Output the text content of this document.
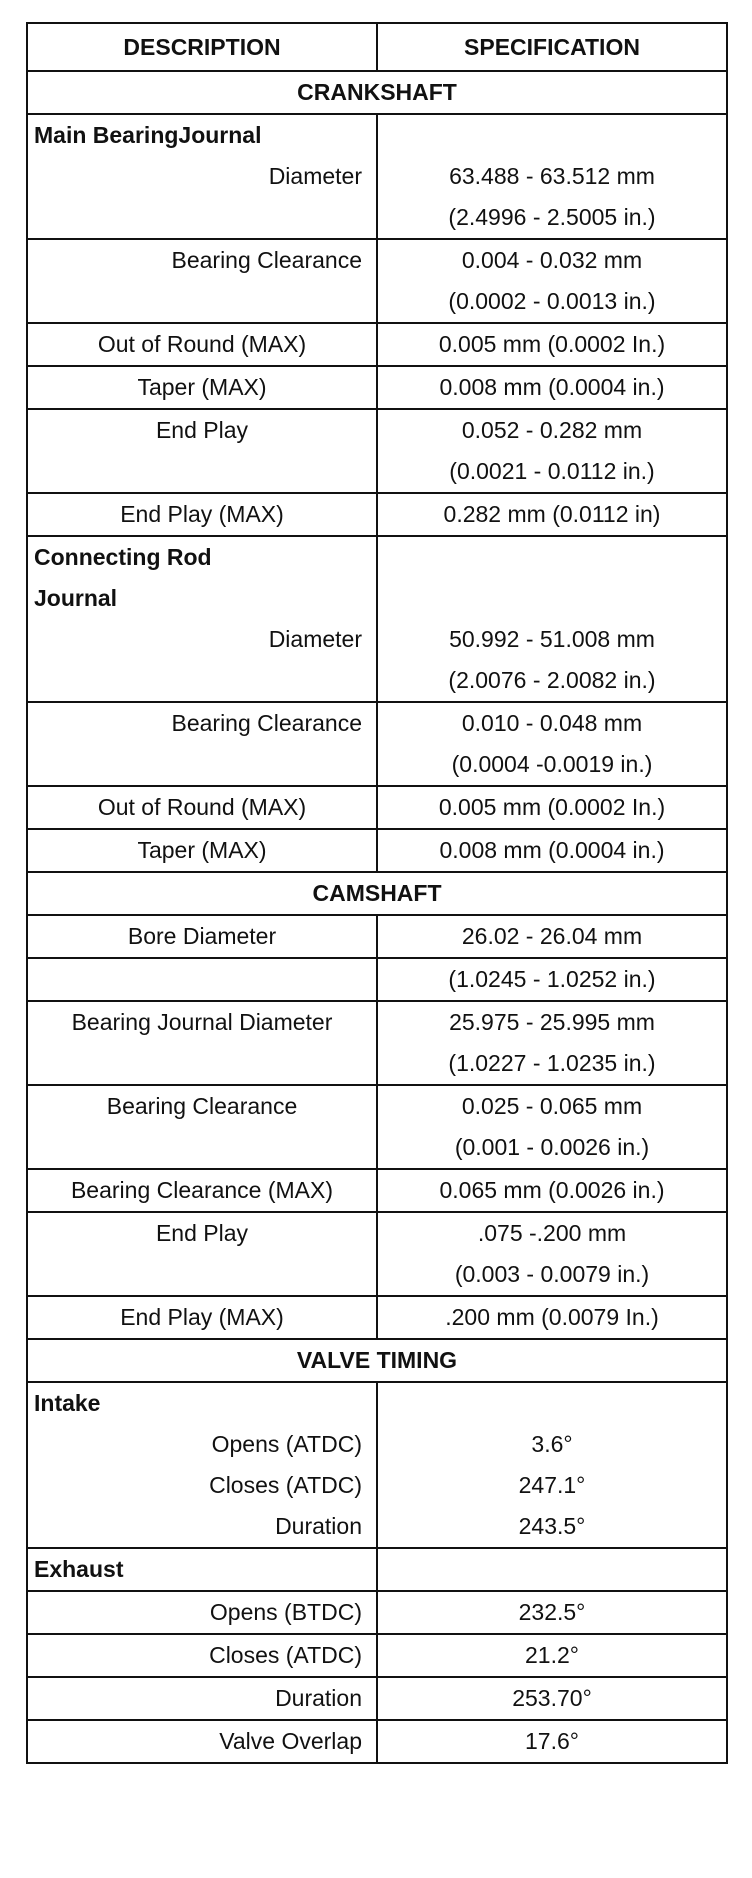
DESCRIPTION	SPECIFICATION
CRANKSHAFT	
Main BearingJournal	
Diameter	63.488 - 63.512 mm
	(2.4996 - 2.5005 in.)
Bearing Clearance	0.004 - 0.032 mm
	(0.0002 - 0.0013 in.)
Out of Round (MAX)	0.005 mm (0.0002 In.)
Taper (MAX)	0.008 mm (0.0004 in.)
End Play	0.052 - 0.282 mm
	(0.0021 - 0.0112 in.)
End Play (MAX)	0.282 mm (0.0112 in)
Connecting Rod	
Journal	
Diameter	50.992 - 51.008 mm
	(2.0076 - 2.0082 in.)
Bearing Clearance	0.010 - 0.048 mm
	(0.0004 -0.0019 in.)
Out of Round (MAX)	0.005 mm (0.0002 In.)
Taper (MAX)	0.008 mm (0.0004 in.)
CAMSHAFT	
Bore Diameter	26.02 - 26.04 mm
	(1.0245 - 1.0252 in.)
Bearing Journal Diameter	25.975 - 25.995 mm
	(1.0227 - 1.0235 in.)
Bearing Clearance	0.025 - 0.065 mm
	(0.001 - 0.0026 in.)
Bearing Clearance (MAX)	0.065 mm (0.0026 in.)
End Play	.075 -.200 mm
	(0.003 - 0.0079 in.)
End Play (MAX)	.200 mm (0.0079 In.)
VALVE TIMING	
Intake	
Opens (ATDC)	3.6°
Closes (ATDC)	247.1°
Duration	243.5°
Exhaust	
Opens (BTDC)	232.5°
Closes (ATDC)	21.2°
Duration	253.70°
Valve Overlap	17.6°
